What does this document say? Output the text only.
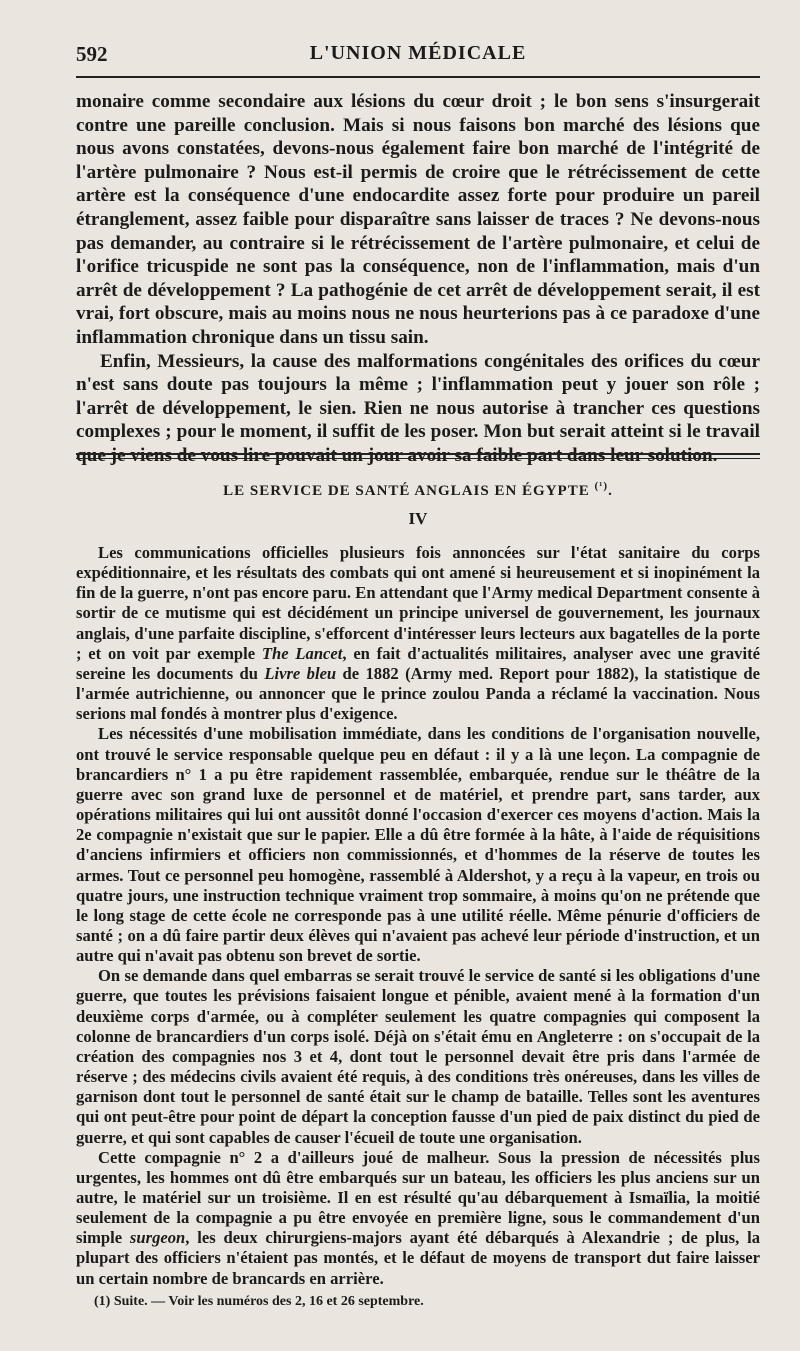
592	L'UNION MÉDICALE

monaire comme secondaire aux lésions du cœur droit ; le bon sens s'insurgerait contre une pareille conclusion. Mais si nous faisons bon marché des lésions que nous avons constatées, devons-nous également faire bon marché de l'intégrité de l'artère pulmonaire ? Nous est-il permis de croire que le rétrécissement de cette artère est la conséquence d'une endocardite assez forte pour produire un pareil étranglement, assez faible pour disparaître sans laisser de traces ? Ne devons-nous pas demander, au contraire si le rétrécissement de l'artère pulmonaire, et celui de l'orifice tricuspide ne sont pas la conséquence, non de l'inflammation, mais d'un arrêt de développement ? La pathogénie de cet arrêt de développement serait, il est vrai, fort obscure, mais au moins nous ne nous heurterions pas à ce paradoxe d'une inflammation chronique dans un tissu sain.

Enfin, Messieurs, la cause des malformations congénitales des orifices du cœur n'est sans doute pas toujours la même ; l'inflammation peut y jouer son rôle ; l'arrêt de développement, le sien. Rien ne nous autorise à trancher ces questions complexes ; pour le moment, il suffit de les poser. Mon but serait atteint si le travail que je viens de vous lire pouvait un jour avoir sa faible part dans leur solution.

LE SERVICE DE SANTÉ ANGLAIS EN ÉGYPTE $^{(^1)}$.
IV

Les communications officielles plusieurs fois annoncées sur l'état sanitaire du corps expéditionnaire, et les résultats des combats qui ont amené si heureusement et si inopinément la fin de la guerre, n'ont pas encore paru. En attendant que l'Army medical Department consente à sortir de ce mutisme qui est décidément un principe universel de gouvernement, les journaux anglais, d'une parfaite discipline, s'efforcent d'intéresser leurs lecteurs aux bagatelles de la porte ; et on voit par exemple The Lancet, en fait d'actualités militaires, analyser avec une gravité sereine les documents du Livre bleu de 1882 (Army med. Report pour 1882), la statistique de l'armée autrichienne, ou annoncer que le prince zoulou Panda a réclamé la vaccination. Nous serions mal fondés à montrer plus d'exigence.

Les nécessités d'une mobilisation immédiate, dans les conditions de l'organisation nouvelle, ont trouvé le service responsable quelque peu en défaut : il y a là une leçon. La compagnie de brancardiers n° 1 a pu être rapidement rassemblée, embarquée, rendue sur le théâtre de la guerre avec son grand luxe de personnel et de matériel, et prendre part, sans tarder, aux opérations militaires qui lui ont aussitôt donné l'occasion d'exercer ces moyens d'action. Mais la 2e compagnie n'existait que sur le papier. Elle a dû être formée à la hâte, à l'aide de réquisitions d'anciens infirmiers et officiers non commissionnés, et d'hommes de la réserve de toutes les armes. Tout ce personnel peu homogène, rassemblé à Aldershot, y a reçu à la vapeur, en trois ou quatre jours, une instruction technique vraiment trop sommaire, à moins qu'on ne prétende que le long stage de cette école ne corresponde pas à une utilité réelle. Même pénurie d'officiers de santé ; on a dû faire partir deux élèves qui n'avaient pas achevé leur période d'instruction, et un autre qui n'avait pas obtenu son brevet de sortie.

On se demande dans quel embarras se serait trouvé le service de santé si les obligations d'une guerre, que toutes les prévisions faisaient longue et pénible, avaient mené à la formation d'un deuxième corps d'armée, ou à compléter seulement les quatre compagnies qui composent la colonne de brancardiers d'un corps isolé. Déjà on s'était ému en Angleterre : on s'occupait de la création des compagnies nos 3 et 4, dont tout le personnel devait être pris dans l'armée de réserve ; des médecins civils avaient été requis, à des conditions très onéreuses, dans les villes de garnison dont tout le personnel de santé était sur le champ de bataille. Telles sont les aventures qui ont peut-être pour point de départ la conception fausse d'un pied de paix distinct du pied de guerre, et qui sont capables de causer l'écueil de toute une organisation.

Cette compagnie n° 2 a d'ailleurs joué de malheur. Sous la pression de nécessités plus urgentes, les hommes ont dû être embarqués sur un bateau, les officiers les plus anciens sur un autre, le matériel sur un troisième. Il en est résulté qu'au débarquement à Ismaïlia, la moitié seulement de la compagnie a pu être envoyée en première ligne, sous le commandement d'un simple surgeon, les deux chirurgiens-majors ayant été débarqués à Alexandrie ; de plus, la plupart des officiers n'étaient pas montés, et le défaut de moyens de transport dut faire laisser un certain nombre de brancards en arrière.

(1) Suite. — Voir les numéros des 2, 16 et 26 septembre.
